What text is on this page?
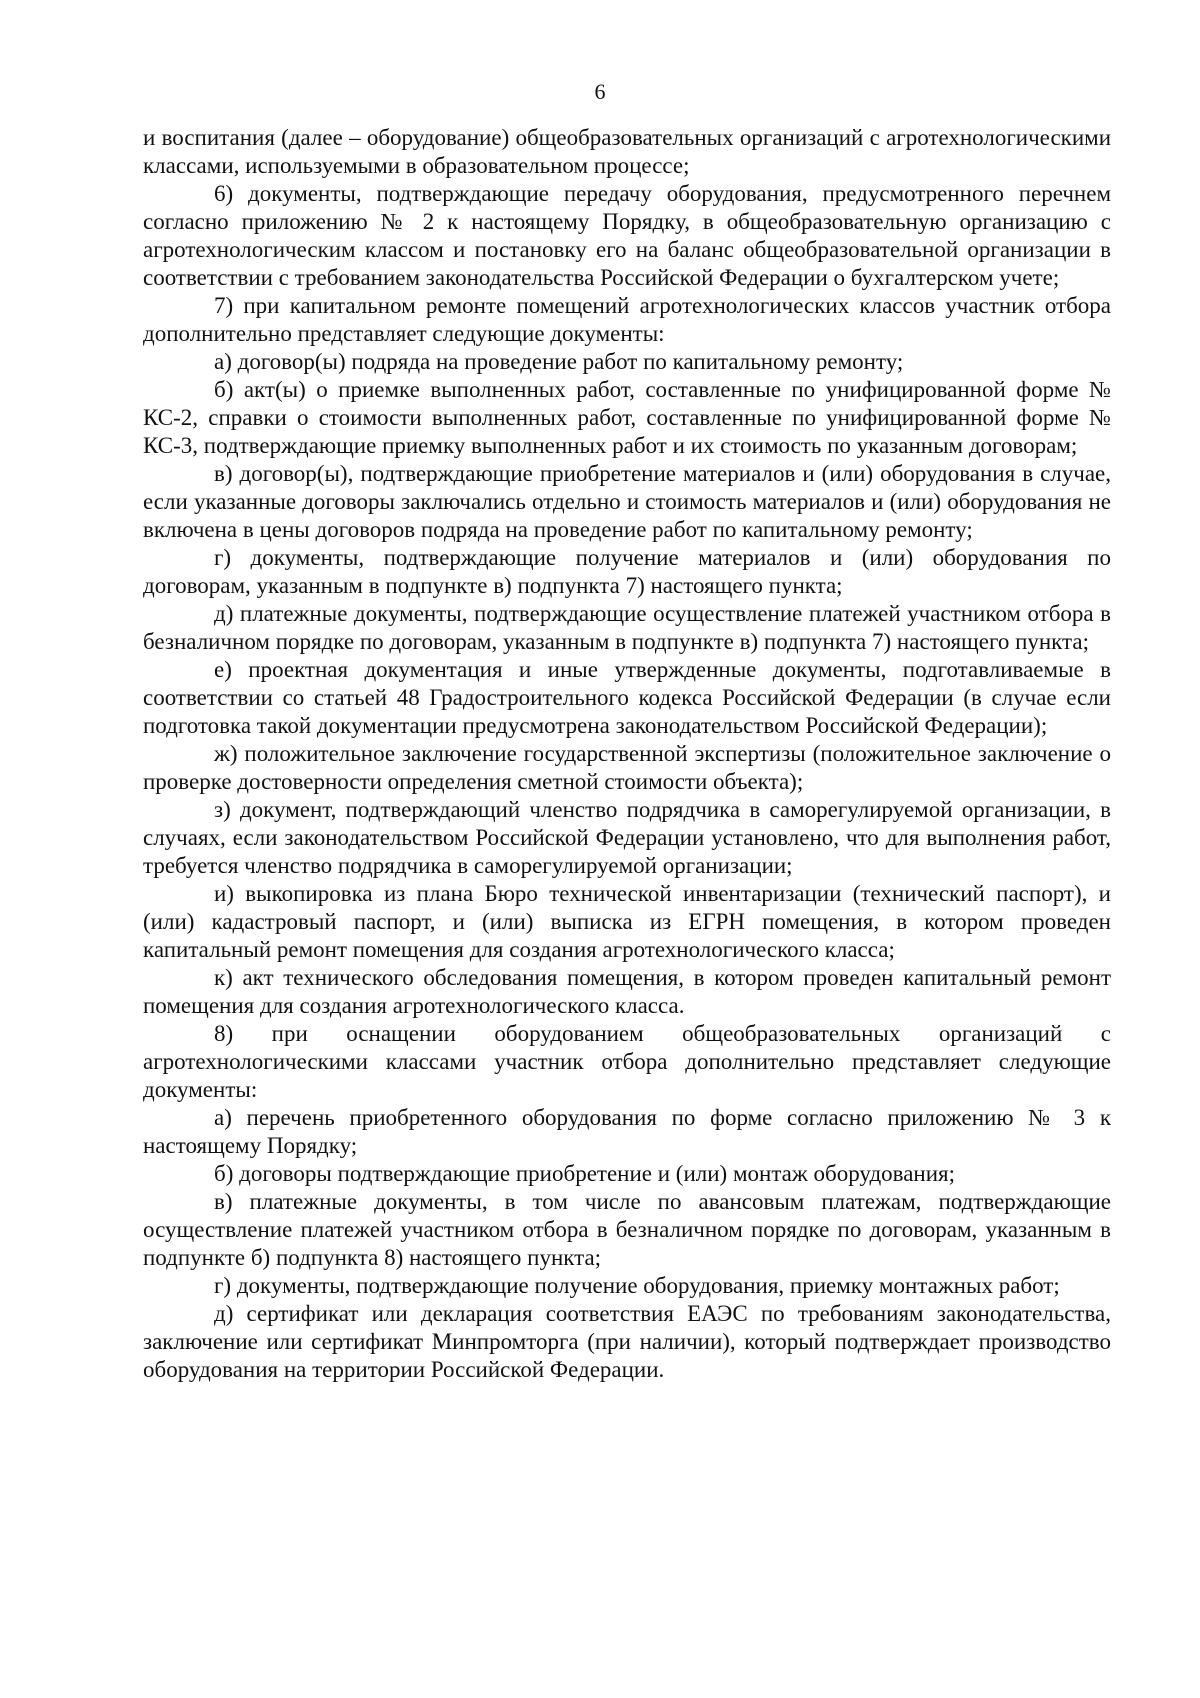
6

и воспитания (далее – оборудование) общеобразовательных организаций с агротехнологическими классами, используемыми в образовательном процессе;

6) документы, подтверждающие передачу оборудования, предусмотренного перечнем согласно приложению № 2 к настоящему Порядку, в общеобразовательную организацию с агротехнологическим классом и постановку его на баланс общеобразовательной организации в соответствии с требованием законодательства Российской Федерации о бухгалтерском учете;

7) при капитальном ремонте помещений агротехнологических классов участник отбора дополнительно представляет следующие документы:

а) договор(ы) подряда на проведение работ по капитальному ремонту;

б) акт(ы) о приемке выполненных работ, составленные по унифицированной форме № КС-2, справки о стоимости выполненных работ, составленные по унифицированной форме № КС-3, подтверждающие приемку выполненных работ и их стоимость по указанным договорам;

в) договор(ы), подтверждающие приобретение материалов и (или) оборудования в случае, если указанные договоры заключались отдельно и стоимость материалов и (или) оборудования не включена в цены договоров подряда на проведение работ по капитальному ремонту;

г) документы, подтверждающие получение материалов и (или) оборудования по договорам, указанным в подпункте в) подпункта 7) настоящего пункта;

д) платежные документы, подтверждающие осуществление платежей участником отбора в безналичном порядке по договорам, указанным в подпункте в) подпункта 7) настоящего пункта;

е) проектная документация и иные утвержденные документы, подготавливаемые в соответствии со статьей 48 Градостроительного кодекса Российской Федерации (в случае если подготовка такой документации предусмотрена законодательством Российской Федерации);

ж) положительное заключение государственной экспертизы (положительное заключение о проверке достоверности определения сметной стоимости объекта);

з) документ, подтверждающий членство подрядчика в саморегулируемой организации, в случаях, если законодательством Российской Федерации установлено, что для выполнения работ, требуется членство подрядчика в саморегулируемой организации;

и) выкопировка из плана Бюро технической инвентаризации (технический паспорт), и (или) кадастровый паспорт, и (или) выписка из ЕГРН помещения, в котором проведен капитальный ремонт помещения для создания агротехнологического класса;

к) акт технического обследования помещения, в котором проведен капитальный ремонт помещения для создания агротехнологического класса.

8) при оснащении оборудованием общеобразовательных организаций с агротехнологическими классами участник отбора дополнительно представляет следующие документы:

а) перечень приобретенного оборудования по форме согласно приложению № 3 к настоящему Порядку;

б) договоры подтверждающие приобретение и (или) монтаж оборудования;

в) платежные документы, в том числе по авансовым платежам, подтверждающие осуществление платежей участником отбора в безналичном порядке по договорам, указанным в подпункте б) подпункта 8) настоящего пункта;

г) документы, подтверждающие получение оборудования, приемку монтажных работ;

д) сертификат или декларация соответствия ЕАЭС по требованиям законодательства, заключение или сертификат Минпромторга (при наличии), который подтверждает производство оборудования на территории Российской Федерации.
